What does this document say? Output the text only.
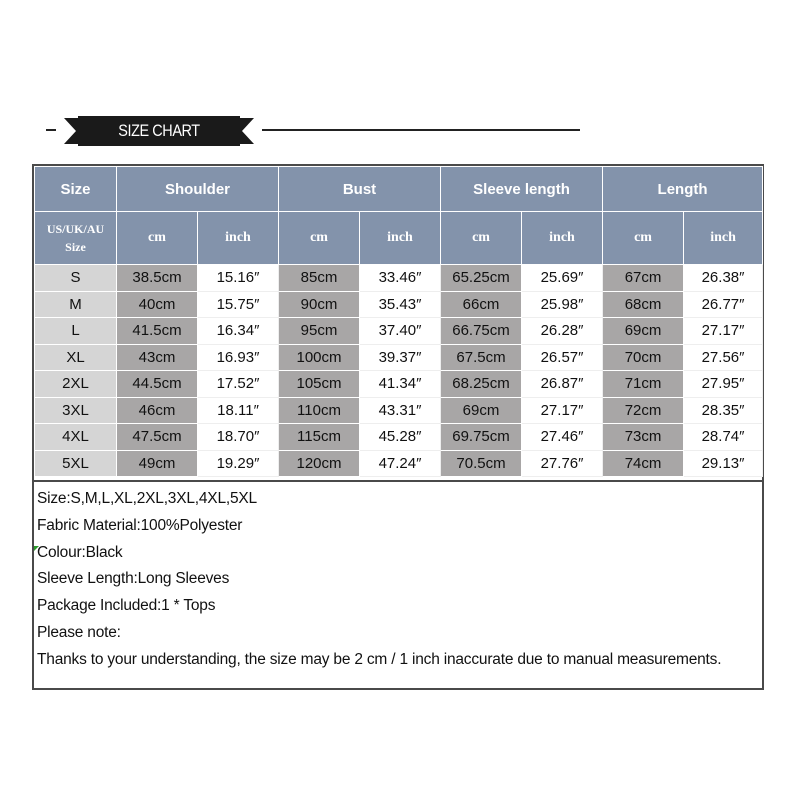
SIZE CHART
Size	Shoulder		Bust		Sleeve length		Length	
US/UK/AU
Size	cm	inch	cm	inch	cm	inch	cm	inch
S	38.5cm	15.16″	85cm	33.46″	65.25cm	25.69″	67cm	26.38″
M	40cm	15.75″	90cm	35.43″	66cm	25.98″	68cm	26.77″
L	41.5cm	16.34″	95cm	37.40″	66.75cm	26.28″	69cm	27.17″
XL	43cm	16.93″	100cm	39.37″	67.5cm	26.57″	70cm	27.56″
2XL	44.5cm	17.52″	105cm	41.34″	68.25cm	26.87″	71cm	27.95″
3XL	46cm	18.11″	110cm	43.31″	69cm	27.17″	72cm	28.35″
4XL	47.5cm	18.70″	115cm	45.28″	69.75cm	27.46″	73cm	28.74″
5XL	49cm	19.29″	120cm	47.24″	70.5cm	27.76″	74cm	29.13″
Size:S,M,L,XL,2XL,3XL,4XL,5XL
Fabric Material:100%Polyester
Colour:Black
Sleeve Length:Long Sleeves
Package Included:1 * Tops
Please note:
Thanks to your understanding, the size may be 2 cm / 1 inch inaccurate due to manual measurements.
